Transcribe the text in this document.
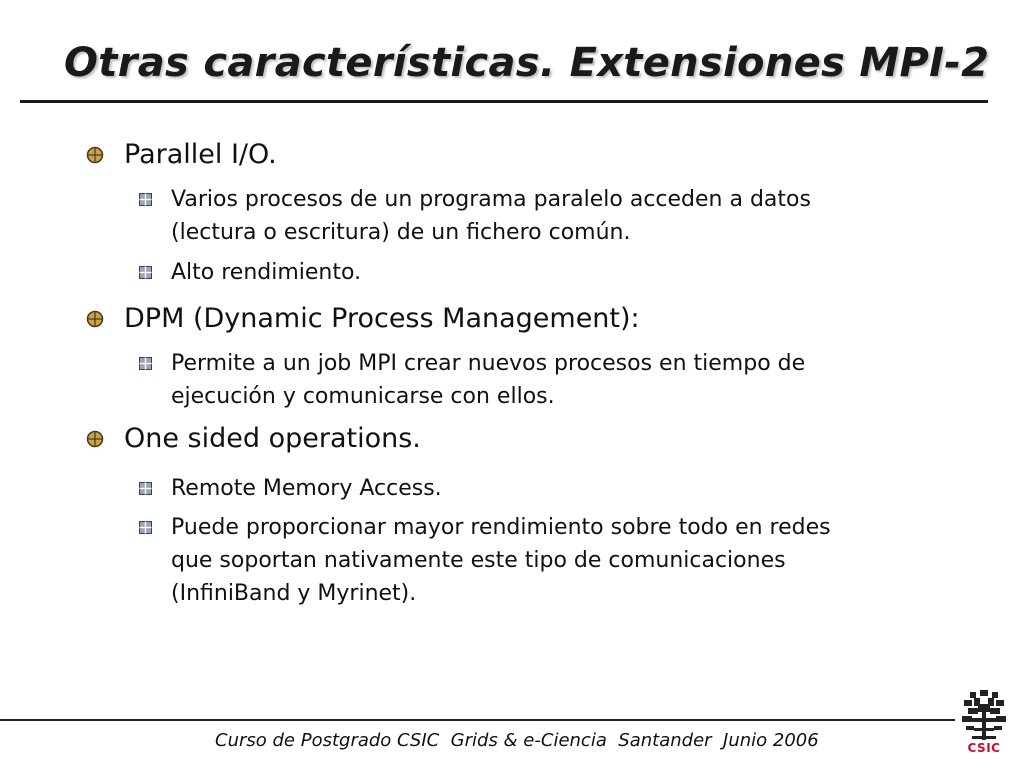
Otras características. Extensiones MPI-2
Parallel I/O.
Varios procesos de un programa paralelo acceden a datos
(lectura o escritura) de un fichero común.
Alto rendimiento.
DPM (Dynamic Process Management):
Permite a un job MPI crear nuevos procesos en tiempo de
ejecución y comunicarse con ellos.
One sided operations.
Remote Memory Access.
Puede proporcionar mayor rendimiento sobre todo en redes
que soportan nativamente este tipo de comunicaciones
(InfiniBand y Myrinet).
Curso de Postgrado CSIC  Grids & e-Ciencia  Santander  Junio 2006	CSIC
